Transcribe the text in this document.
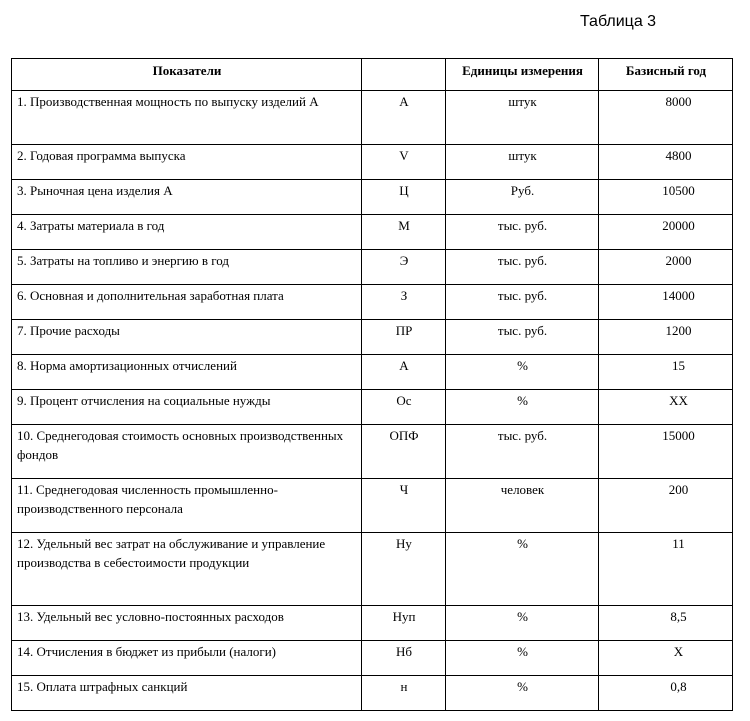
Таблица 3
Показатели		Единицы измерения	Базисный год
1. Производственная мощность по выпуску изделий А	А	штук	8000
2. Годовая программа выпуска	V	штук	4800
3. Рыночная цена изделия А	Ц	Руб.	10500
4. Затраты материала в год	М	тыс. руб.	20000
5. Затраты на топливо и энергию в год	Э	тыс. руб.	2000
6. Основная и дополнительная заработная плата	З	тыс. руб.	14000
7. Прочие расходы	ПР	тыс. руб.	1200
8. Норма амортизационных отчислений	А	%	15
9. Процент отчисления на социальные нужды	Ос	%	ХХ
10. Среднегодовая стоимость основных производственных фондов	ОПФ	тыс. руб.	15000
11. Среднегодовая численность промышленно-производственного персонала	Ч	человек	200
12. Удельный вес затрат на обслуживание и управление производства в себестоимости продукции	Ну	%	11
13. Удельный вес условно-постоянных расходов	Нуп	%	8,5
14. Отчисления в бюджет из прибыли (налоги)	Нб	%	Х
15. Оплата штрафных санкций	н	%	0,8
